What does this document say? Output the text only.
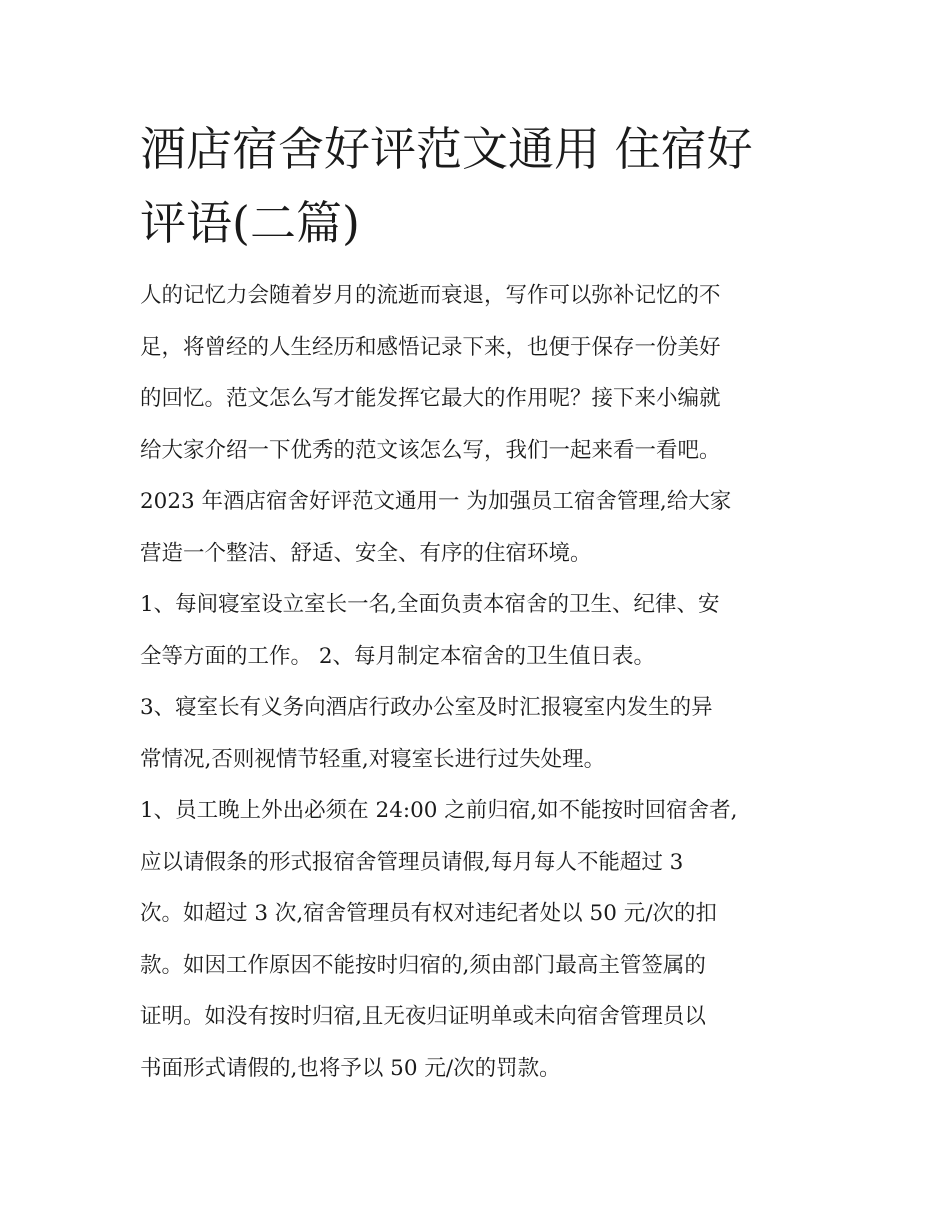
酒店宿舍好评范文通用 住宿好
评语(二篇)
人的记忆力会随着岁月的流逝而衰退，写作可以弥补记忆的不
足，将曾经的人生经历和感悟记录下来，也便于保存一份美好
的回忆。范文怎么写才能发挥它最大的作用呢？接下来小编就
给大家介绍一下优秀的范文该怎么写，我们一起来看一看吧。
2023 年酒店宿舍好评范文通用一 为加强员工宿舍管理,给大家
营造一个整洁、舒适、安全、有序的住宿环境。
1、每间寝室设立室长一名,全面负责本宿舍的卫生、纪律、安
全等方面的工作。 2、每月制定本宿舍的卫生值日表。
3、寝室长有义务向酒店行政办公室及时汇报寝室内发生的异
常情况,否则视情节轻重,对寝室长进行过失处理。
1、员工晚上外出必须在 24:00 之前归宿,如不能按时回宿舍者,
应以请假条的形式报宿舍管理员请假,每月每人不能超过 3
次。如超过 3 次,宿舍管理员有权对违纪者处以 50 元/次的扣
款。如因工作原因不能按时归宿的,须由部门最高主管签属的
证明。如没有按时归宿,且无夜归证明单或未向宿舍管理员以
书面形式请假的,也将予以 50 元/次的罚款。
